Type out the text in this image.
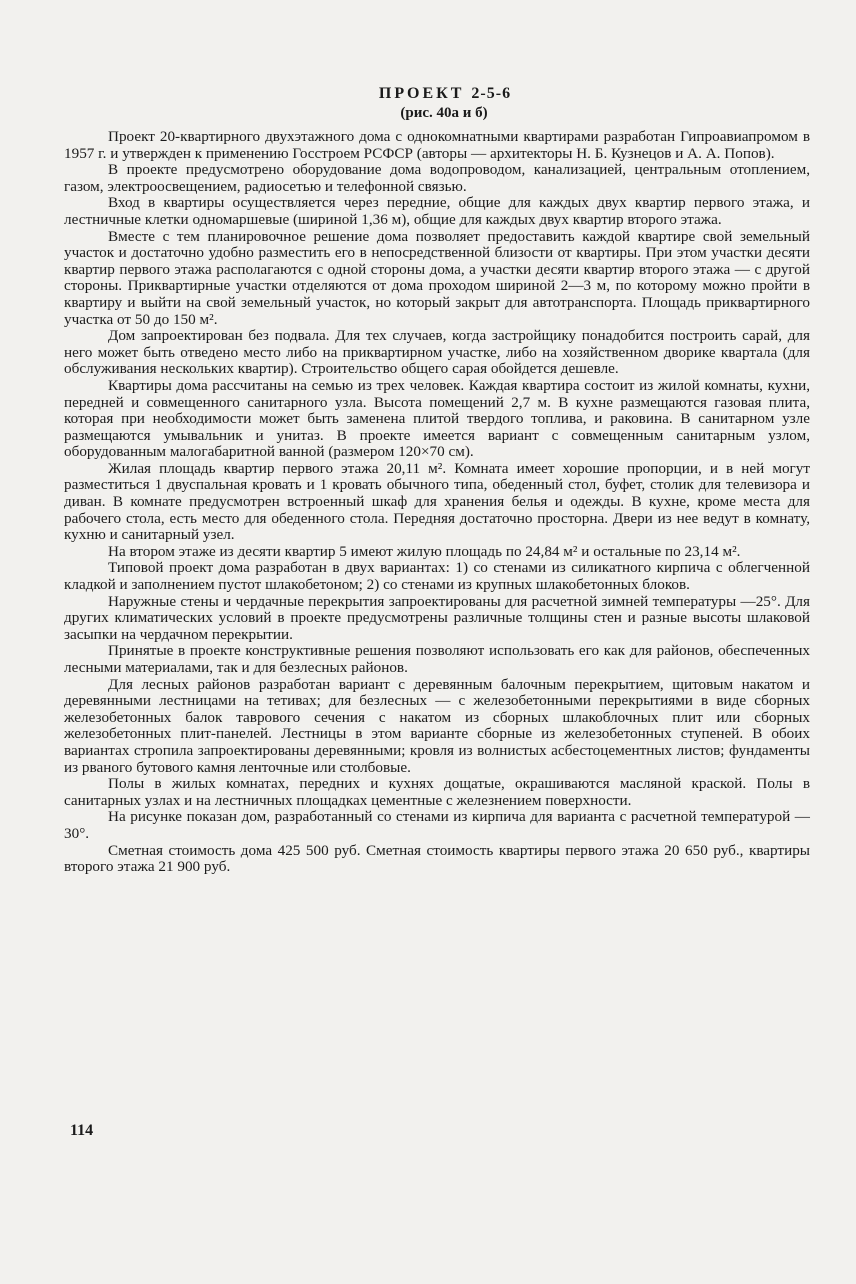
ПРОЕКТ 2-5-6
(рис. 40а и б)

Проект 20-квартирного двухэтажного дома с однокомнатными квартирами разработан Гипроавиапромом в 1957 г. и утвержден к применению Госстроем РСФСР (авторы — архитекторы Н. Б. Кузнецов и А. А. Попов).

В проекте предусмотрено оборудование дома водопроводом, канализацией, центральным отоплением, газом, электроосвещением, радиосетью и телефонной связью.

Вход в квартиры осуществляется через передние, общие для каждых двух квартир первого этажа, и лестничные клетки одномаршевые (шириной 1,36 м), общие для каждых двух квартир второго этажа.

Вместе с тем планировочное решение дома позволяет предоставить каждой квартире свой земельный участок и достаточно удобно разместить его в непосредственной близости от квартиры. При этом участки десяти квартир первого этажа располагаются с одной стороны дома, а участки десяти квартир второго этажа — с другой стороны. Приквартирные участки отделяются от дома проходом шириной 2—3 м, по которому можно пройти в квартиру и выйти на свой земельный участок, но который закрыт для автотранспорта. Площадь приквартирного участка от 50 до 150 м².

Дом запроектирован без подвала. Для тех случаев, когда застройщику понадобится построить сарай, для него может быть отведено место либо на приквартирном участке, либо на хозяйственном дворике квартала (для обслуживания нескольких квартир). Строительство общего сарая обойдется дешевле.

Квартиры дома рассчитаны на семью из трех человек. Каждая квартира состоит из жилой комнаты, кухни, передней и совмещенного санитарного узла. Высота помещений 2,7 м. В кухне размещаются газовая плита, которая при необходимости может быть заменена плитой твердого топлива, и раковина. В санитарном узле размещаются умывальник и унитаз. В проекте имеется вариант с совмещенным санитарным узлом, оборудованным малогабаритной ванной (размером 120×70 см).

Жилая площадь квартир первого этажа 20,11 м². Комната имеет хорошие пропорции, и в ней могут разместиться 1 двуспальная кровать и 1 кровать обычного типа, обеденный стол, буфет, столик для телевизора и диван. В комнате предусмотрен встроенный шкаф для хранения белья и одежды. В кухне, кроме места для рабочего стола, есть место для обеденного стола. Передняя достаточно просторна. Двери из нее ведут в комнату, кухню и санитарный узел.

На втором этаже из десяти квартир 5 имеют жилую площадь по 24,84 м² и остальные по 23,14 м².

Типовой проект дома разработан в двух вариантах: 1) со стенами из силикатного кирпича с облегченной кладкой и заполнением пустот шлакобетоном; 2) со стенами из крупных шлакобетонных блоков.

Наружные стены и чердачные перекрытия запроектированы для расчетной зимней температуры —25°. Для других климатических условий в проекте предусмотрены различные толщины стен и разные высоты шлаковой засыпки на чердачном перекрытии.

Принятые в проекте конструктивные решения позволяют использовать его как для районов, обеспеченных лесными материалами, так и для безлесных районов.

Для лесных районов разработан вариант с деревянным балочным перекрытием, щитовым накатом и деревянными лестницами на тетивах; для безлесных — с железобетонными перекрытиями в виде сборных железобетонных балок таврового сечения с накатом из сборных шлакоблочных плит или сборных железобетонных плит-панелей. Лестницы в этом варианте сборные из железобетонных ступеней. В обоих вариантах стропила запроектированы деревянными; кровля из волнистых асбестоцементных листов; фундаменты из рваного бутового камня ленточные или столбовые.

Полы в жилых комнатах, передних и кухнях дощатые, окрашиваются масляной краской. Полы в санитарных узлах и на лестничных площадках цементные с железнением поверхности.

На рисунке показан дом, разработанный со стенами из кирпича для варианта с расчетной температурой —30°.

Сметная стоимость дома 425 500 руб. Сметная стоимость квартиры первого этажа 20 650 руб., квартиры второго этажа 21 900 руб.

114
